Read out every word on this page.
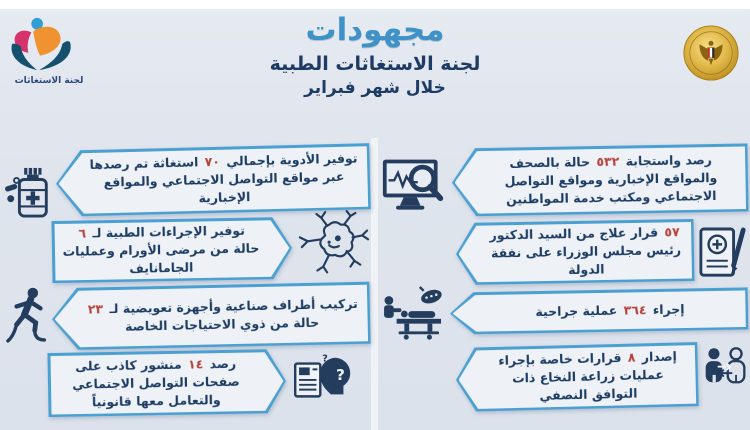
مجهودات
لجنة الاستغاثات الطبية
خلال شهر فبراير
لجنة الاستغاثات

توفير الأدوية بإجمالي ٧٠ استغاثة تم رصدها عبر مواقع التواصل الاجتماعي والمواقع الإخبارية

توفير الإجراءات الطبية لـ ٦ حالة من مرضى الأورام وعمليات الجامانايف

تركيب أطراف صناعية وأجهزة تعويضية لـ ٢٣ حالة من ذوي الاحتياجات الخاصة

رصد ١٤ منشور كاذب على صفحات التواصل الاجتماعي والتعامل معها قانونياً

?
?

رصد واستجابة ٥٣٢ حالة بالصحف والمواقع الإخبارية ومواقع التواصل الاجتماعي ومكتب خدمة المواطنين

٥٧ قرار علاج من السيد الدكتور رئيس مجلس الوزراء على نفقة الدولة

إجراء ٣٦٤ عملية جراحية

إصدار ٨ قرارات خاصة بإجراء عمليات زراعة النخاع ذات التوافق النصفي
